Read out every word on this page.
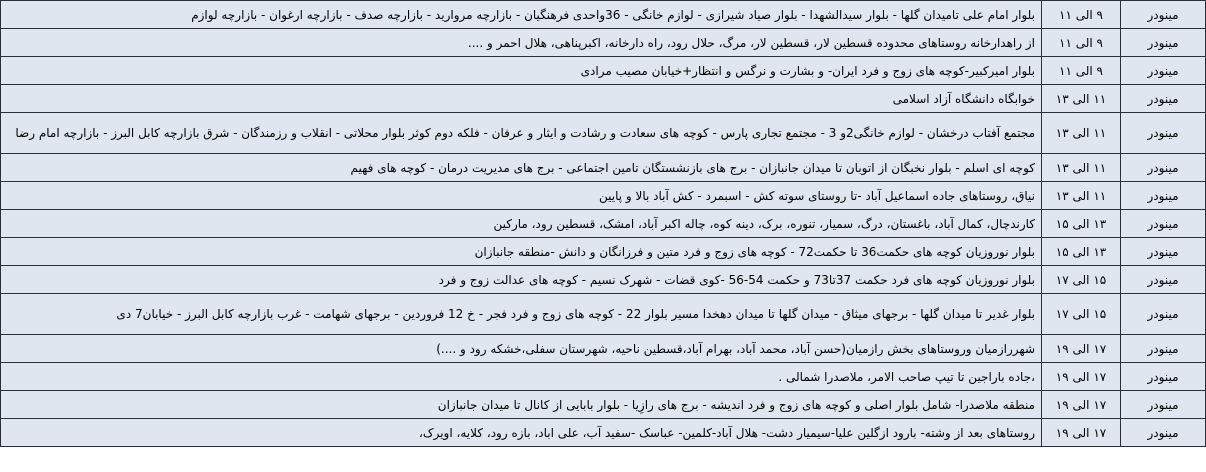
مینودر	۹ الی ۱۱	بلوار امام علی تامیدان گلها - بلوار سیدالشهدا - بلوار صیاد شیرازی - لوازم خانگی - 36واحدی فرهنگیان - بازارچه مروارید - بازارچه صدف - بازارچه ارغوان - بازارچه لوازم
مینودر	۹ الی ۱۱	از راهدارخانه روستاهای محدوده قسطین لار، قسطین لار، مرگ، حلال رود، راه دارخانه، اکبرپناهی، هلال احمر و ....
مینودر	۹ الی ۱۱	بلوار امیرکبیر-کوچه های زوج و فرد ایران- و بشارت و نرگس و انتظار+خیابان مصیب مرادی
مینودر	۱۱ الی ۱۳	خوابگاه دانشگاه آزاد اسلامی
مینودر	۱۱ الی ۱۳	مجتمع آفتاب درخشان - لوازم خانگی2و 3 - مجتمع تجاری پارس - کوچه های سعادت و رشادت و ایثار و عرفان - فلکه دوم کوثر بلوار محلاتی - انقلاب و رزمندگان - شرق بازارچه کابل البرز - بازارچه امام رضا
مینودر	۱۱ الی ۱۳	کوچه ای اسلم - بلوار نخبگان از اتوبان تا میدان جانبازان - برج های بازنشستگان تامین اجتماعی - برج های مدیریت درمان - کوچه های فهیم
مینودر	۱۱ الی ۱۳	نیاق، روستاهای جاده اسماعیل آباد -تا روستای سوته کش - اسبمرد - کش آباد بالا و پایین
مینودر	۱۳ الی ۱۵	کارندچال، کمال آباد، باغستان، درگ، سمیار، تنوره، برک، دینه کوه، چاله اکبر آباد، امشک، قسطین رود، مارکین
مینودر	۱۳ الی ۱۵	بلوار نوروزیان کوچه های حکمت36 تا حکمت72 - کوچه های زوج و فرد متین و فرزانگان و دانش -منطقه جانبازان
مینودر	۱۵ الی ۱۷	بلوار نوروزیان کوچه های فرد حکمت 37تا73 و حکمت 54-56 -کوی قضات - شهرک نسیم - کوچه های عدالت زوج و فرد
مینودر	۱۵ الی ۱۷	بلوار غدیر تا میدان گلها - برجهای میثاق - میدان گلها تا میدان دهخدا مسیر بلوار 22 - کوچه های زوج و فرد فجر - خ 12 فروردین - برجهای شهامت - غرب بازارچه کابل البرز - خیابان7 دی
مینودر	۱۷ الی ۱۹	شهررازمیان وروستاهای بخش رازمیان(حسن آباد، محمد آباد، بهرام آباد،قسطین ناحیه، شهرستان سفلی،خشکه رود و ....)
مینودر	۱۷ الی ۱۹	،جاده باراجین تا تیپ صاحب الامر، ملاصدرا شمالی .
مینودر	۱۷ الی ۱۹	منطقه ملاصدرا- شامل بلوار اصلی و کوچه های زوج و فرد اندیشه - برج های رازِیا - بلوار بابایی از کانال تا میدان جانبازان
مینودر	۱۷ الی ۱۹	روستاهای بعد از وشته- بارود ازگلین علیا-سیمیار دشت- هلال آباد-کلمین- عباسک -سفید آب، علی اباد، بازه رود، کلایه، اویرک،
